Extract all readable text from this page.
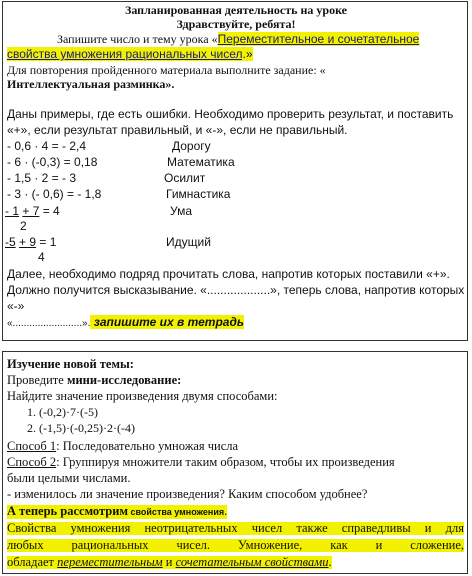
Запланированная деятельность на уроке
Здравствуйте, ребята!
Запишите число и тему урока «Переместительное и сочетательное
свойства умножения рациональных чисел.»
Для повторения пройденного материала выполните задание: «
Интеллектуальная разминка».
Даны примеры, где есть ошибки. Необходимо проверить результат, и поставить
«+», если результат правильный, и «-», если не правильный.
- 0,6 · 4 = - 2,4	Дорогу
- 6 · (-0,3) = 0,18	Математика
- 1,5 · 2 = - 3	Осилит
- 3 · (- 0,6) = - 1,8	Гимнастика
- 1 + 7 = 4	Ума
2
-5 + 9 = 1	Идущий
4
Далее, необходимо подряд прочитать слова, напротив которых поставили «+».
Должно получится высказывание. «...................», теперь слова, напротив которых
«-»
«.........................». запишите их в тетрадь
Изучение новой темы:
Проведите мини-исследование:
Найдите значение произведения двумя способами:
1. (-0,2)·7·(-5)
2. (-1,5)·(-0,25)·2·(-4)
Способ 1: Последовательно умножая числа
Способ 2: Группируя множители таким образом, чтобы их произведения
были целыми числами.
- изменилось ли значение произведения? Каким способом удобнее?
А теперь рассмотрим свойства умножения.
Свойства умножения неотрицательных чисел также справедливы и для
любых рациональных чисел. Умножение, как и сложение,
обладает переместительным и сочетательным свойствами.
